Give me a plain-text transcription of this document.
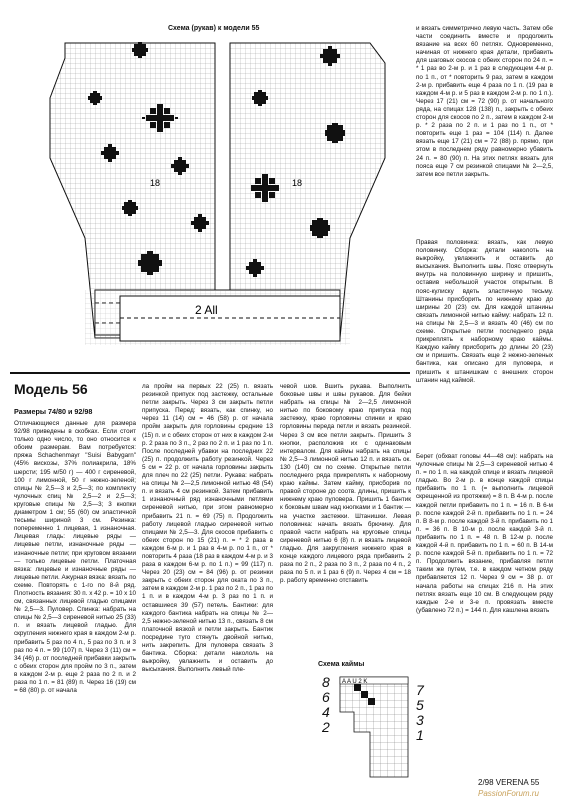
Схема (рукав) к модели 55
18	18
2 All
Модель 56
Размеры 74/80 и 92/98
Отличающиеся данные для размера 92/98 приведены в скобках. Если стоит только одно число, то оно относится к обоим размерам. Вам потребуется: пряжа Schachenmayr "Suisi Babygarn" (45% вискозы, 37% полиакрила, 18% шерсти; 195 м/50 г) — 400 г сиреневой, 100 г лимонной, 50 г нежно-зеленой; спицы № 2,5—3 и 2,5—3; по комплекту чулочных спиц № 2,5—2 и 2,5—3; круговые спицы № 2,5—3; 3 кнопки диаметром 1 см; 55 (60) см эластичной тесьмы шириной 3 см. Резинка: попеременно 1 лицевая, 1 изнаночная. Лицевая гладь: лицевые ряды — лицевые петли, изнаночные ряды — изнаночные петли; при круговом вязании — только лицевые петли. Платочная вязка: лицевые и изнаночные ряды — лицевые петли. Ажурная вязка: вязать по схеме. Повторять с 1-го по 8-й ряд. Плотность вязания: 30 п. x 42 р. = 10 x 10 см, связанных лицевой гладью спицами № 2,5—3. Пуловер. Спинка: набрать на спицы № 2,5—3 сиреневой нитью 25 (33) п. и вязать лицевой гладью. Для скругления нижнего края в каждом 2-м р. прибавить 5 раз по 4 п., 5 раз по 3 п. и 3 раз по 4 п. = 99 (107) п. Через 3 (11) см = 34 (46) р. от последней прибавки закрыть с обеих сторон для пройм по 3 п., затем в каждом 2-м р. еще 2 раза по 2 п. и 2 раза по 1 п. = 81 (89) п. Через 16 (19) см = 68 (80) р. от начала
ла пройм на первых 22 (25) п. вязать резинкой припуск под застежку, остальные петли закрыть. Через 3 см закрыть петли припуска. Перед: вязать, как спинку, но через 11 (14) см = 46 (58) р. от начала пройм закрыть для горловины средние 13 (15) п. и с обеих сторон от них в каждом 2-м р. 2 раза по 3 п., 2 раз по 2 п. и 1 раз по 1 п. После последней убавки на последних 22 (25) п. продолжить работу резинкой. Через 5 см = 22 р. от начала горловины закрыть для плеч по 22 (25) петли. Рукава: набрать на спицы № 2—2,5 лимонной нитью 48 (54) п. и вязать 4 см резинкой. Затем прибавить 1 изнаночный ряд изнаночными петлями сиреневой нитью, при этом равномерно прибавить 21 п. = 69 (75) п. Продолжить работу лицевой гладью сиреневой нитью спицами № 2,5—3. Для скосов прибавить с обеих сторон по 15 (21) п. = * 2 раза в каждом 6-м р. и 1 раз в 4-м р. по 1 п., от * повторить 4 раза (18 раз в каждом 4-м р. и 3 раза в каждом 6-м р. по 1 п.) = 99 (117) п. Через 20 (23) см = 84 (96) р. от резинки закрыть с обеих сторон для оката по 3 п., затем в каждом 2-м р. 1 раз по 2 п., 1 раз по 1 п. и в каждом 4-м р. 3 раз по 1 п. и оставшиеся 39 (57) петель. Бантики: для каждого бантика набрать на спицы № 2—2,5 нежно-зеленой нитью 13 п., связать 8 см платочной вязкой и петли закрыть. Бантик посредине туго стянуть двойной нитью, нить закрепить. Для пуловера связать 3 бантика. Сборка: детали накололь на выкройку, увлажнить и оставить до высыхания. Выполнить левый пле-
чевой шов. Вшить рукава. Выполнить боковые швы и швы рукавов. Для бейки набрать на спицы № 2—2,5 лимонной нитью по боковому краю припуска под застежку, краю горловины спинки и краю горловины переда петли и вязать резинкой. Через 3 см все петли закрыть. Пришить 3 кнопки, расположив их с одинаковым интервалом. Для каймы набрать на спицы № 2,5—3 лимонной нитью 12 п. и вязать ок. 130 (140) см по схеме. Открытые петли последнего ряда прикреплять к наборному краю каймы. Затем кайму, присборив по правой стороне до соотв. длины, пришить к нижнему краю пуловера. Пришить 1 бантик к боковым швам над кнопками и 1 бантик — на участке застежки. Штанишки. Левая половинка: начать вязать брючину. Для правой части набрать на круговые спицы сиреневой нитью 6 (8) п. и вязать лицевой гладью. Для закругления нижнего края в конце каждого лицевого ряда прибавить 2 раза по 2 п., 2 раза по 3 п., 2 раза по 4 п., 2 раза по 5 п. и 1 раз 6 (9) п. Через 4 см = 18 р. работу временно отставить
и вязать симметрично левую часть. Затем обе части соединить вместе и продолжить вязание на всех 60 петлях. Одновременно, начиная от нижнего края детали, прибавить для шаговых скосов с обеих сторон по 24 п. = * 1 раз во 2-м р. и 1 раз в следующем 4-м р. по 1 п., от * повторить 9 раз, затем в каждом 2-м р. прибавить еще 4 раза по 1 п. (19 раз в каждом 4-м р. и 5 раз в каждом 2-м р. по 1 п.). Через 17 (21) см = 72 (90) р. от начального ряда, на спицах 128 (138) п., закрыть с обеих сторон для скосов по 2 п., затем в каждом 2-м р. * 2 раза по 2 п. и 1 раз по 1 п., от * повторить еще 1 раз = 104 (114) п. Далее вязать еще 17 (21) см = 72 (88) р. прямо, при этом в последнем ряду равномерно убавить 24 п. = 80 (90) п. На этих петлях вязать для пояса еще 7 см резинкой спицами № 2—2,5, затем все петли закрыть.
Правая половинка: вязать, как левую половинку. Сборка: детали наколоть на выкройку, увлажнить и оставить до высыхания. Выполнить швы. Пояс отвернуть внутрь на половинную ширину и пришить, оставив небольшой участок открытым. В пояс-кулиску вдеть эластичную тесьму. Штанины присборить по нижнему краю до ширины 20 (23) см. Для каждой штанины связать лимонной нитью кайму: набрать 12 п. на спицы № 2,5—3 и вязать 40 (46) см по схеме. Открытые петли последнего ряда прикреплять к наборному краю каймы. Каждую кайму присборить до длины 20 (23) см и пришить. Связать еще 2 нежно-зеленых бантика, как описано для пуловера, и пришить к штанишкам с внешних сторон штанин над каймой.
Берет (обхват головы 44—48 см): набрать на чулочные спицы № 2,5—3 сиреневой нитью 4 п. = по 1 п. на каждой спице и вязать лицевой гладью. Во 2-м р. в конце каждой спицы прибавить по 1 п. (= выполнить лицевой скрещенной из протяжки) = 8 п. В 4-м р. после каждой петли прибавить по 1 п. = 16 п. В 6-м р. после каждой 2-й п. прибавить по 1 п. = 24 п. В 8-м р. после каждой 3-й п. прибавить по 1 п. = 36 п. В 10-м р. после каждой 3-й п. прибавить по 1 п. = 48 п. В 12-м р. после каждой 4-й п. прибавить по 1 п. = 60 п. В 14-м р. после каждой 5-й п. прибавить по 1 п. = 72 п. Продолжить вязание, прибавляя петли таким же путем, т.е. в каждом четном ряду прибавляется 12 п. Через 9 см = 38 р. от начала работы на спицах 216 п. На этих петлях вязать еще 10 см. В следующем ряду каждые 2-е и 3-е п. провязать вместе (убавлено 72 п.) = 144 п. Для кашлена вязать
Схема каймы
A A U 2 K
8
6
4
2
7
5
3
1
2/98 VERENA 55
PassionForum.ru
